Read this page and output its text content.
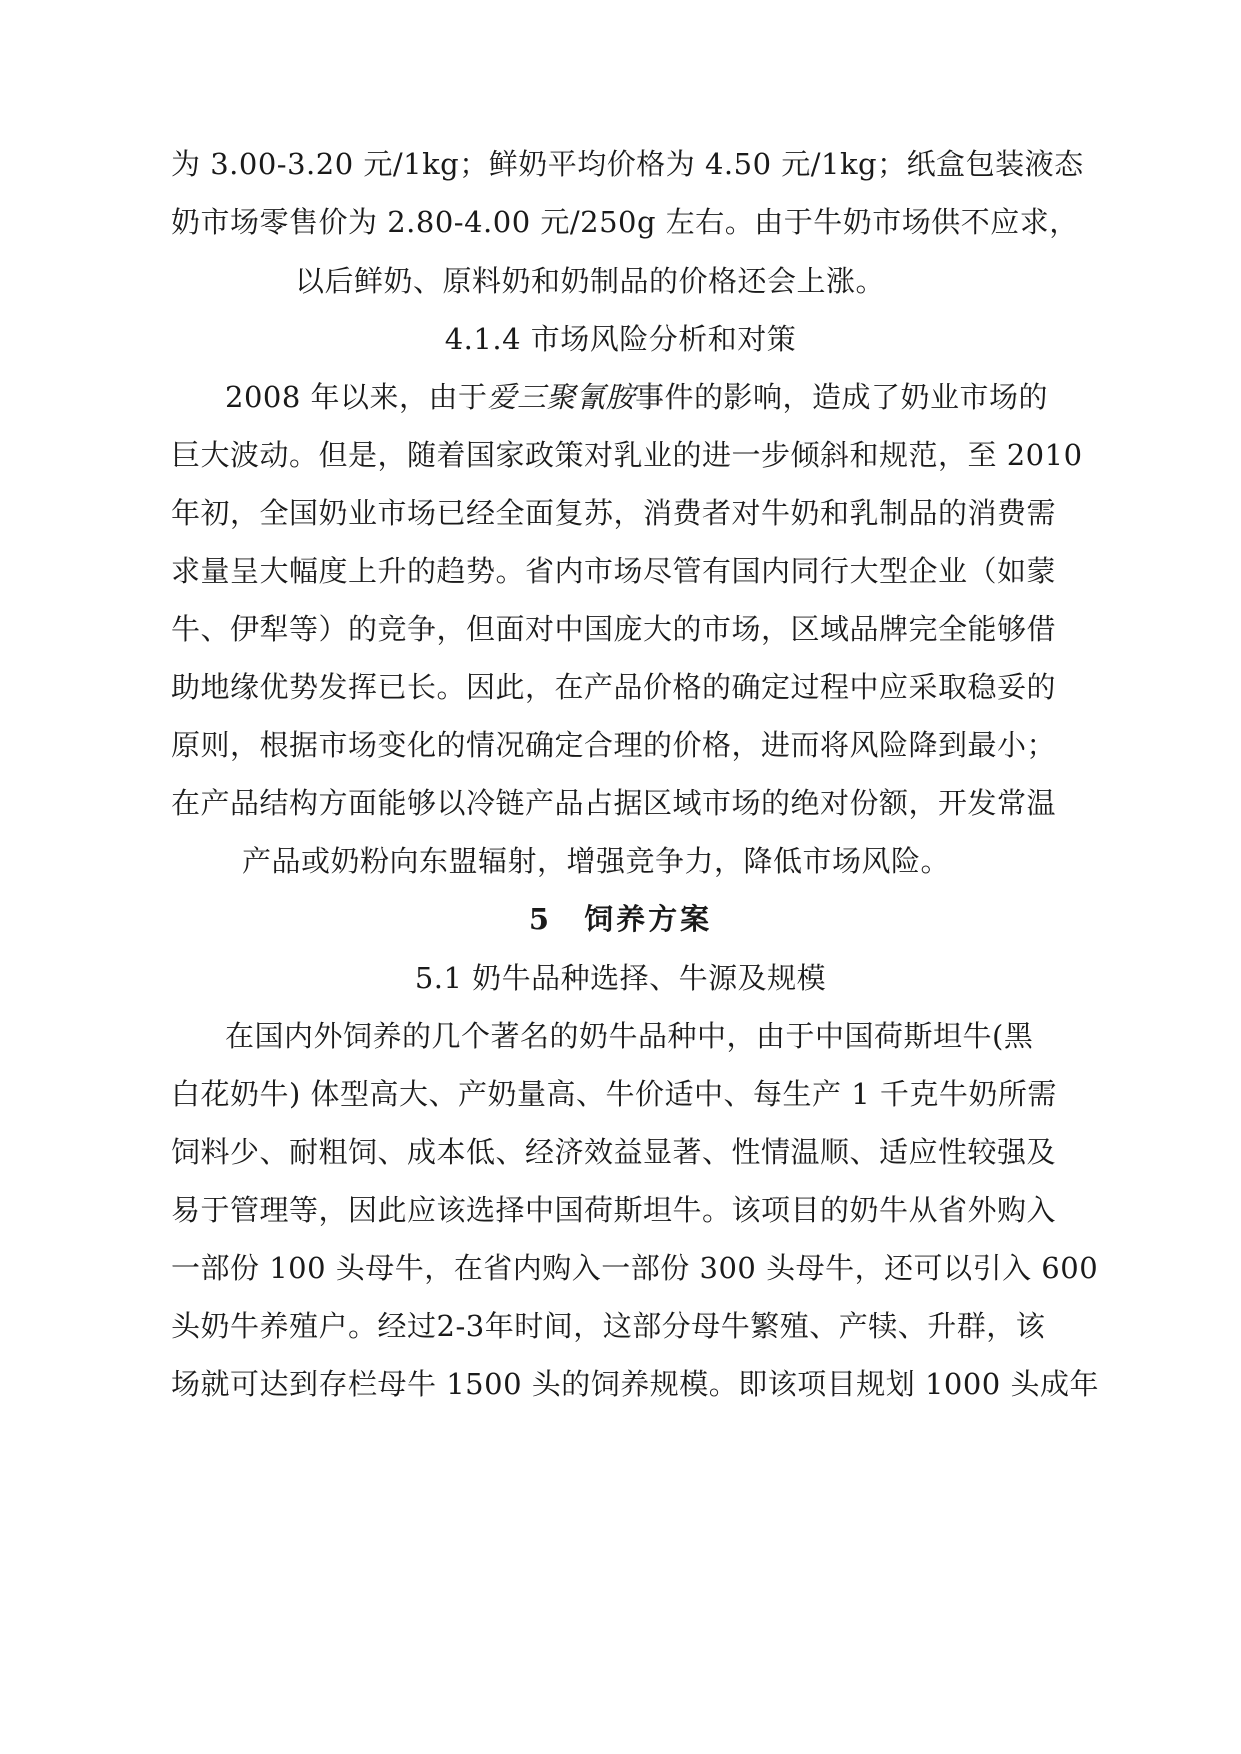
为 3.00-3.20 元/1kg；鲜奶平均价格为 4.50 元/1kg；纸盒包装液态
奶市场零售价为 2.80-4.00 元/250g 左右。由于牛奶市场供不应求，
以后鲜奶、原料奶和奶制品的价格还会上涨。
4.1.4 市场风险分析和对策
2008 年以来，由于爱三聚氰胺事件的影响，造成了奶业市场的
巨大波动。但是，随着国家政策对乳业的进一步倾斜和规范，至 2010
年初，全国奶业市场已经全面复苏，消费者对牛奶和乳制品的消费需
求量呈大幅度上升的趋势。省内市场尽管有国内同行大型企业（如蒙
牛、伊犁等）的竞争，但面对中国庞大的市场，区域品牌完全能够借
助地缘优势发挥已长。因此，在产品价格的确定过程中应采取稳妥的
原则，根据市场变化的情况确定合理的价格，进而将风险降到最小；
在产品结构方面能够以冷链产品占据区域市场的绝对份额，开发常温
产品或奶粉向东盟辐射，增强竞争力，降低市场风险。
5　饲养方案
5.1 奶牛品种选择、牛源及规模
在国内外饲养的几个著名的奶牛品种中，由于中国荷斯坦牛(黑
白花奶牛) 体型高大、产奶量高、牛价适中、每生产 1 千克牛奶所需
饲料少、耐粗饲、成本低、经济效益显著、性情温顺、适应性较强及
易于管理等，因此应该选择中国荷斯坦牛。该项目的奶牛从省外购入
一部份 100 头母牛，在省内购入一部份 300 头母牛，还可以引入 600
头奶牛养殖户。经过2-3年时间，这部分母牛繁殖、产犊、升群，该
场就可达到存栏母牛 1500 头的饲养规模。即该项目规划 1000 头成年
